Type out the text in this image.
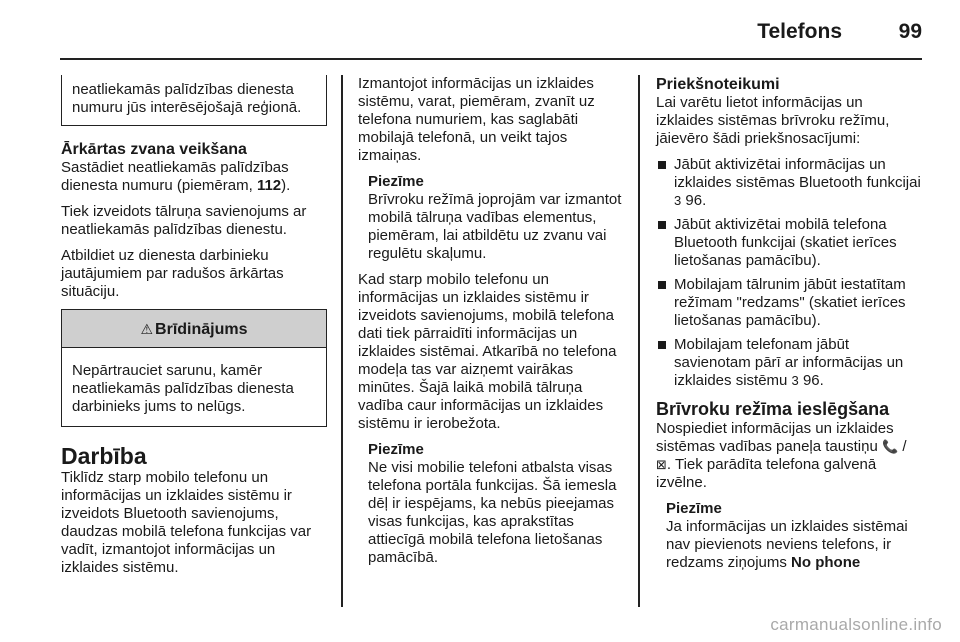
Telefons	99
neatliekamās palīdzības dienesta numuru jūs interēsējošajā reģionā.
Ārkārtas zvana veikšana

Sastādiet neatliekamās palīdzības dienesta numuru (piemēram, 112).

Tiek izveidots tālruņa savienojums ar neatliekamās palīdzības dienestu.

Atbildiet uz dienesta darbinieku jautājumiem par radušos ārkārtas situāciju.

⚠ Brīdinājums
Nepārtrauciet sarunu, kamēr neatliekamās palīdzības dienesta darbinieks jums to nelūgs.
Darbība

Tiklīdz starp mobilo telefonu un informācijas un izklaides sistēmu ir izveidots Bluetooth savienojums, daudzas mobilā telefona funkcijas var vadīt, izmantojot informācijas un izklaides sistēmu.

Izmantojot informācijas un izklaides sistēmu, varat, piemēram, zvanīt uz telefona numuriem, kas saglabāti mobilajā telefonā, un veikt tajos izmaiņas.

Piezīme
Brīvroku režīmā joprojām var izmantot mobilā tālruņa vadības elementus, piemēram, lai atbildētu uz zvanu vai regulētu skaļumu.

Kad starp mobilo telefonu un informācijas un izklaides sistēmu ir izveidots savienojums, mobilā telefona dati tiek pārraidīti informācijas un izklaides sistēmai. Atkarībā no telefona modeļa tas var aizņemt vairākas minūtes. Šajā laikā mobilā tālruņa vadība caur informācijas un izklaides sistēmu ir ierobežota.

Piezīme
Ne visi mobilie telefoni atbalsta visas telefona portāla funkcijas. Šā iemesla dēļ ir iespējams, ka nebūs pieejamas visas funkcijas, kas aprakstītas attiecīgā mobilā telefona lietošanas pamācībā.
Priekšnoteikumi

Lai varētu lietot informācijas un izklaides sistēmas brīvroku režīmu, jāievēro šādi priekšnosacījumi:

Jābūt aktivizētai informācijas un izklaides sistēmas Bluetooth funkcijai 3 96.
Jābūt aktivizētai mobilā telefona Bluetooth funkcijai (skatiet ierīces lietošanas pamācību).
Mobilajam tālrunim jābūt iestatītam režīmam "redzams" (skatiet ierīces lietošanas pamācību).
Mobilajam telefonam jābūt savienotam pārī ar informācijas un izklaides sistēmu 3 96.
Brīvroku režīma ieslēgšana

Nospiediet informācijas un izklaides sistēmas vadības paneļa taustiņu 📞 / ⊠. Tiek parādīta telefona galvenā izvēlne.

Piezīme
Ja informācijas un izklaides sistēmai nav pievienots neviens telefons, ir redzams ziņojums No phone
carmanualsonline.info
